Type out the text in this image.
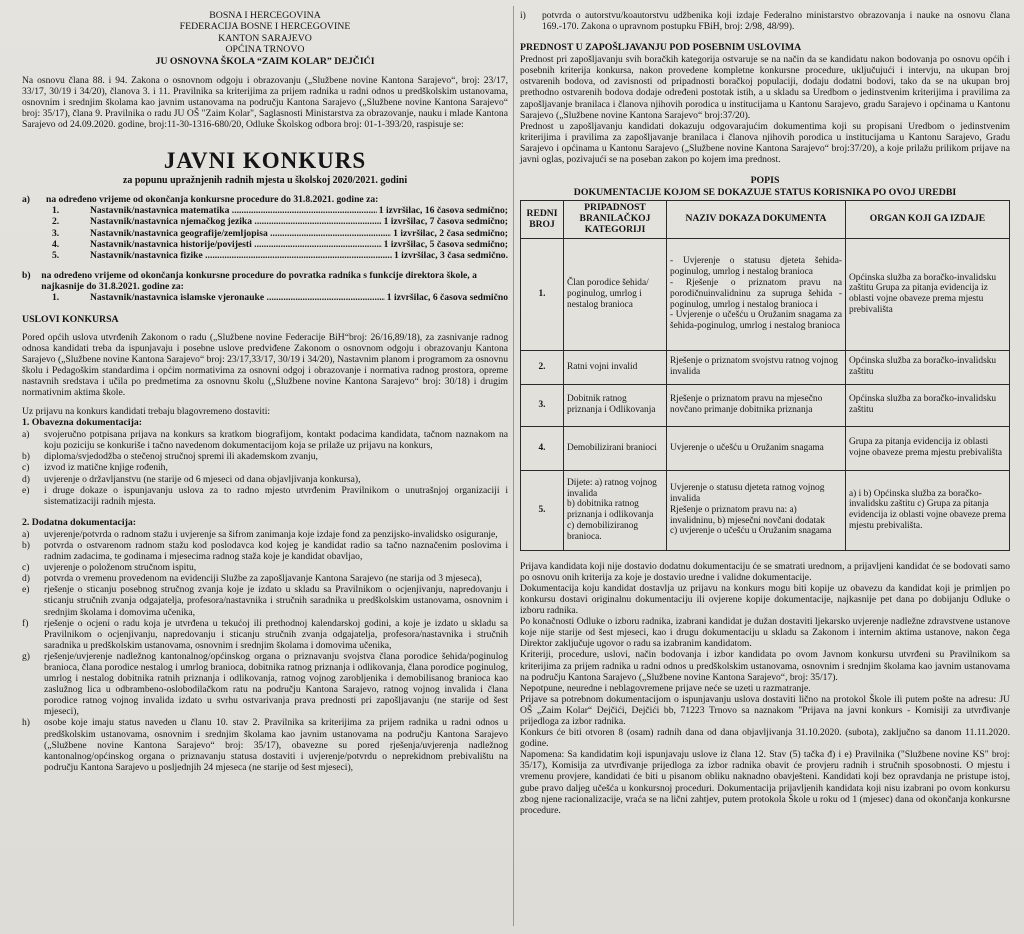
BOSNA I HERCEGOVINA

FEDERACIJA BOSNE I HERCEGOVINE

KANTON SARAJEVO

OPĆINA TRNOVO

JU OSNOVNA ŠKOLA “ZAIM KOLAR” DEJČIĆI

Na osnovu člana 88. i 94. Zakona o osnovnom odgoju i obrazovanju („Službene novine Kantona Sarajevo“, broj: 23/17, 33/17, 30/19 i 34/20), članova 3. i 11. Pravilnika sa kriterijima za prijem radnika u radni odnos u predškolskim ustanovama, osnovnim i srednjim školama kao javnim ustanovama na području Kantona Sarajevo („Službene novine Kantona Sarajevo“ broj: 35/17), člana 9. Pravilnika o radu JU OŠ "Zaim Kolar", Saglasnosti Ministarstva za obrazovanje, nauku i mlade Kantona Sarajevo od 24.09.2020. godine, broj:11-30-1316-680/20, Odluke Školskog odbora broj: 01-1-393/20, raspisuje se:

JAVNI KONKURS

za popunu upražnjenih radnih mjesta u školskoj 2020/2021. godini

a)	na određeno vrijeme od okončanja konkursne procedure do 31.8.2021. godine za:
1.	Nastavnik/nastavnica matematika .....	1 izvršilac, 16 časova sedmično;
2.	Nastavnik/nastavnica njemačkog jezika .....	1 izvršilac, 7 časova sedmično;
3.	Nastavnik/nastavnica geografije/zemljopisa .....	1 izvršilac, 2 časa sedmično;
4.	Nastavnik/nastavnica historije/povijesti .....	1 izvršilac, 5 časova sedmično;
5.	Nastavnik/nastavnica fizike .....	1 izvršilac, 3 časa sedmično.
b)	na određeno vrijeme od okončanja konkursne procedure do povratka radnika s funkcije direktora škole, a najkasnije do 31.8.2021. godine za:
1.	Nastavnik/nastavnica islamske vjeronauke .....	1 izvršilac, 6 časova sedmično

USLOVI KONKURSA

Pored općih uslova utvrđenih Zakonom o radu („Službene novine Federacije BiH“broj: 26/16,89/18), za zasnivanje radnog odnosa kandidati treba da ispunjavaju i posebne uslove predviđene Zakonom o osnovnom odgoju i obrazovanju Kantona Sarajevo („Službene novine Kantona Sarajevo“ broj: 23/17,33/17, 30/19 i 34/20), Nastavnim planom i programom za osnovnu školu i Pedagoškim standardima i općim normativima za osnovni odgoj i obrazovanje i normativa radnog prostora, opreme nastavnih sredstava i učila po predmetima za osnovnu školu („Službene novine Kantona Sarajevo“ broj: 30/18) i drugim normativnim aktima škole.

Uz prijavu na konkurs kandidati trebaju blagovremeno dostaviti:

1. Obavezna dokumentacija:

a)	svojeručno potpisana prijava na konkurs sa kratkom biografijom, kontakt podacima kandidata, tačnom naznakom na koju poziciju se konkuriše i tačno navedenom dokumentacijom koja se prilaže uz prijavu na konkurs,
b)	diploma/svjedodžba o stečenoj stručnoj spremi ili akademskom zvanju,
c)	izvod iz matične knjige rođenih,
d)	uvjerenje o državljanstvu (ne starije od 6 mjeseci od dana objavljivanja konkursa),
e)	i druge dokaze o ispunjavanju uslova za to radno mjesto utvrđenim Pravilnikom o unutrašnjoj organizaciji i sistematizaciji radnih mjesta.

2. Dodatna dokumentacija:

a)	uvjerenje/potvrda o radnom stažu i uvjerenje sa šifrom zanimanja koje izdaje fond za penzijsko-invalidsko osiguranje,
b)	potvrda o ostvarenom radnom stažu kod poslodavca kod kojeg je kandidat radio sa tačno naznačenim poslovima i radnim zadacima, te godinama i mjesecima radnog staža koje je kandidat obavljao,
c)	uvjerenje o položenom stručnom ispitu,
d)	potvrda o vremenu provedenom na evidenciji Službe za zapošljavanje Kantona Sarajevo (ne starija od 3 mjeseca),
e)	rješenje o sticanju posebnog stručnog zvanja koje je izdato u skladu sa Pravilnikom o ocjenjivanju, napredovanju i sticanju stručnih zvanja odgajatelja, profesora/nastavnika i stručnih saradnika u predškolskim ustanovama, osnovnim i srednjim školama i domovima učenika,
f)	rješenje o ocjeni o radu koja je utvrđena u tekućoj ili prethodnoj kalendarskoj godini, a koje je izdato u skladu sa Pravilnikom o ocjenjivanju, napredovanju i sticanju stručnih zvanja odgajatelja, profesora/nastavnika i stručnih saradnika u predškolskim ustanovama, osnovnim i srednjim školama i domovima učenika,
g)	rješenje/uvjerenje nadležnog kantonalnog/općinskog organa o priznavanju svojstva člana porodice šehida/poginulog branioca, člana porodice nestalog i umrlog branioca, dobitnika ratnog priznanja i odlikovanja, člana porodice poginulog, umrlog i nestalog dobitnika ratnih priznanja i odlikovanja, ratnog vojnog zarobljenika i demobilisanog branioca kao zaslužnog lica u odbrambeno-oslobodilačkom ratu na području Kantona Sarajevo, ratnog vojnog invalida i člana porodice ratnog vojnog invalida izdato u svrhu ostvarivanja prava prednosti pri zapošljavanju (ne starije od šest mjeseci),
h)	osobe koje imaju status naveden u članu 10. stav 2. Pravilnika sa kriterijima za prijem radnika u radni odnos u predškolskim ustanovama, osnovnim i srednjim školama kao javnim ustanovama na području Kantona Sarajevo („Službene novine Kantona Sarajevo“ broj: 35/17), obavezne su pored rješenja/uvjerenja nadležnog kantonalnog/općinskog organa o priznavanju statusa dostaviti i uvjerenje/potvrdu o neprekidnom prebivalištu na području Kantona Sarajevo u posljednjih 24 mjeseca (ne starije od šest mjeseci),
i)	potvrda o autorstvu/koautorstvu udžbenika koji izdaje Federalno ministarstvo obrazovanja i nauke na osnovu člana 169.-170. Zakona o upravnom postupku FBiH, broj: 2/98, 48/99).

PREDNOST U ZAPOŠLJAVANJU POD POSEBNIM USLOVIMA

Prednost pri zapošljavanju svih boračkih kategorija ostvaruje se na način da se kandidatu nakon bodovanja po osnovu općih i posebnih kriterija konkursa, nakon provedene kompletne konkursne procedure, uključujući i intervju, na ukupan broj ostvarenih bodova, od zavisnosti od pripadnosti boračkoj populaciji, dodaju dodatni bodovi, tako da se na ukupan broj prethodno ostvarenih bodova dodaje određeni postotak istih, a u skladu sa Uredbom o jedinstvenim kriterijima i pravilima za zapošljavanje branilaca i članova njihovih porodica u institucijama u Kantonu Sarajevo, gradu Sarajevo i općinama u Kantonu Sarajevo („Službene novine Kantona Sarajevo“ broj:37/20).

Prednost u zapošljavanju kandidati dokazuju odgovarajućim dokumentima koji su propisani Uredbom o jedinstvenim kriterijima i pravilima za zapošljavanje branilaca i članova njihovih porodica u institucijama u Kantonu Sarajevo, Gradu Sarajevo i općinama u Kantonu Sarajevo („Službene novine Kantona Sarajevo“ broj:37/20), a koje prilažu prilikom prijave na javni oglas, pozivajući se na poseban zakon po kojem ima prednost.

POPIS

DOKUMENTACIJE KOJOM SE DOKAZUJE STATUS KORISNIKA PO OVOJ UREDBI

REDNI BROJ	PRIPADNOST BRANILAČKOJ KATEGORIJI	NAZIV DOKAZA DOKUMENTA	ORGAN KOJI GA IZDAJE
1.	Član porodice šehida/ poginulog, umrlog i nestalog branioca	- Uvjerenje o statusu djeteta šehida-poginulog, umrlog i nestalog branioca
- Rješenje o priznatom pravu na porodičnuinvalidninu za supruga šehida - poginulog, umrlog i nestalog branioca i
- Uvjerenje o učešću u Oružanim snagama za šehida-poginulog, umrlog i nestalog branioca	Općinska služba za boračko-invalidsku zaštitu Grupa za pitanja evidencija iz oblasti vojne obaveze prema mjestu prebivališta
2.	Ratni vojni invalid	Rješenje o priznatom svojstvu ratnog vojnog invalida	Općinska služba za boračko-invalidsku zaštitu
3.	Dobitnik ratnog priznanja i Odlikovanja	Rješenje o priznatom pravu na mjesečno novčano primanje dobitnika priznanja	Općinska služba za boračko-invalidsku zaštitu
4.	Demobilizirani branioci	Uvjerenje o učešću u Oružanim snagama	Grupa za pitanja evidencija iz oblasti vojne obaveze prema mjestu prebivališta
5.	Dijete: a) ratnog vojnog invalida
b) dobitnika ratnog priznanja i odlikovanja
c) demobiliziranog branioca.	Uvjerenje o statusu djeteta ratnog vojnog invalida
Rješenje o priznatom pravu na: a) invalidninu, b) mjesečni novčani dodatak
c) uvjerenje o učešću u Oružanim snagama	a) i b) Općinska služba za boračko-invalidsku zaštitu c) Grupa za pitanja evidencija iz oblasti vojne obaveze prema mjestu prebivališta.

Prijava kandidata koji nije dostavio dodatnu dokumentaciju će se smatrati urednom, a prijavljeni kandidat će se bodovati samo po osnovu onih kriterija za koje je dostavio uredne i validne dokumentacije.

Dokumentacija koju kandidat dostavlja uz prijavu na konkurs mogu biti kopije uz obavezu da kandidat koji je primljen po konkursu dostavi originalnu dokumentaciju ili ovjerene kopije dokumentacije, najkasnije pet dana po dobijanju Odluke o izboru radnika.

Po konačnosti Odluke o izboru radnika, izabrani kandidat je dužan dostaviti ljekarsko uvjerenje nadležne zdravstvene ustanove koje nije starije od šest mjeseci, kao i drugu dokumentaciju u skladu sa Zakonom i internim aktima ustanove, nakon čega Direktor zaključuje ugovor o radu sa izabranim kandidatom.

Kriteriji, procedure, uslovi, način bodovanja i izbor kandidata po ovom Javnom konkursu utvrđeni su Pravilnikom sa kriterijima za prijem radnika u radni odnos u predškolskim ustanovama, osnovnim i srednjim školama kao javnim ustanovama na području Kantona Sarajevo („Službene novine Kantona Sarajevo“, broj: 35/17).

Nepotpune, neuredne i neblagovremene prijave neće se uzeti u razmatranje.

Prijave sa potrebnom dokumentacijom o ispunjavanju uslova dostaviti lično na protokol Škole ili putem pošte na adresu: JU OŠ „Zaim Kolar“ Dejčići, Dejčići bb, 71223 Trnovo sa naznakom "Prijava na javni konkurs - Komisiji za utvrđivanje prijedloga za izbor radnika.

Konkurs će biti otvoren 8 (osam) radnih dana od dana objavljivanja 31.10.2020. (subota), zaključno sa danom 11.11.2020. godine.

Napomena: Sa kandidatim koji ispunjavaju uslove iz člana 12. Stav (5) tačka đ) i e) Pravilnika ("Službene novine KS" broj: 35/17), Komisija za utvrđivanje prijedloga za izbor radnika obavit će provjeru radnih i stručnih sposobnosti. O mjestu i vremenu provjere, kandidati će biti u pisanom obliku naknadno obavješteni. Kandidati koji bez opravdanja ne pristupe istoj, gube pravo daljeg učešća u konkursnoj proceduri. Dokumentacija prijavljenih kandidata koji nisu izabrani po ovom konkursu zbog njene racionalizacije, vraća se na lični zahtjev, putem protokola Škole u roku od 1 (mjesec) dana od okončanja konkursne procedure.
